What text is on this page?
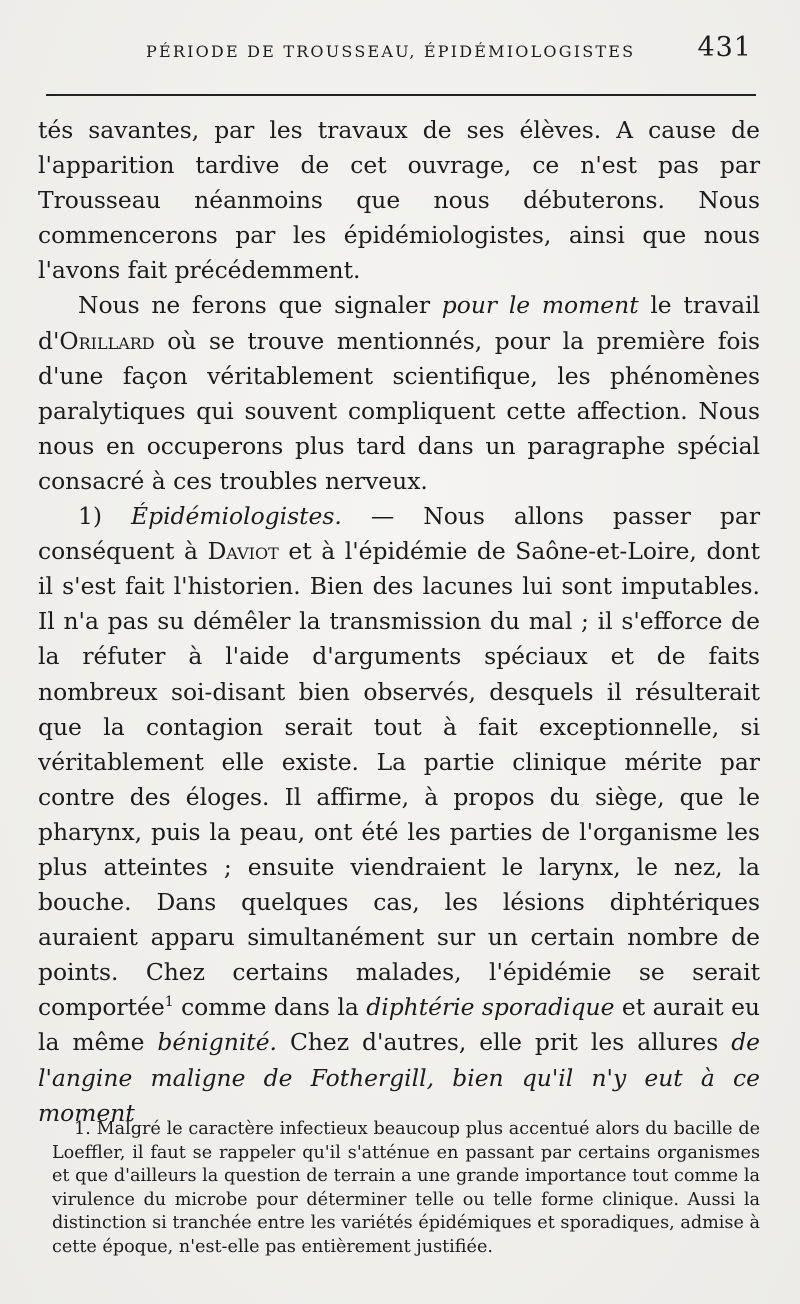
PÉRIODE DE TROUSSEAU, ÉPIDÉMIOLOGISTES 431

tés savantes, par les travaux de ses élèves. A cause de l'apparition tardive de cet ouvrage, ce n'est pas par Trousseau néanmoins que nous débuterons. Nous commencerons par les épidémiologistes, ainsi que nous l'avons fait précédemment.

Nous ne ferons que signaler pour le moment le travail d'Orillard où se trouve mentionnés, pour la première fois d'une façon véritablement scientifique, les phénomènes paralytiques qui souvent compliquent cette affection. Nous nous en occuperons plus tard dans un paragraphe spécial consacré à ces troubles nerveux.

1) Épidémiologistes. — Nous allons passer par conséquent à Daviot et à l'épidémie de Saône-et-Loire, dont il s'est fait l'historien. Bien des lacunes lui sont imputables. Il n'a pas su démêler la transmission du mal ; il s'efforce de la réfuter à l'aide d'arguments spéciaux et de faits nombreux soi-disant bien observés, desquels il résulterait que la contagion serait tout à fait exceptionnelle, si véritablement elle existe. La partie clinique mérite par contre des éloges. Il affirme, à propos du siège, que le pharynx, puis la peau, ont été les parties de l'organisme les plus atteintes ; ensuite viendraient le larynx, le nez, la bouche. Dans quelques cas, les lésions diphtériques auraient apparu simultanément sur un certain nombre de points. Chez certains malades, l'épidémie se serait comportée$^1$ comme dans la diphtérie sporadique et aurait eu la même bénignité. Chez d'autres, elle prit les allures de l'angine maligne de Fothergill, bien qu'il n'y eut à ce moment

1. Malgré le caractère infectieux beaucoup plus accentué alors du bacille de Loeffler, il faut se rappeler qu'il s'atténue en passant par certains organismes et que d'ailleurs la question de terrain a une grande importance tout comme la virulence du microbe pour déterminer telle ou telle forme clinique. Aussi la distinction si tranchée entre les variétés épidémiques et sporadiques, admise à cette époque, n'est-elle pas entièrement justifiée.
